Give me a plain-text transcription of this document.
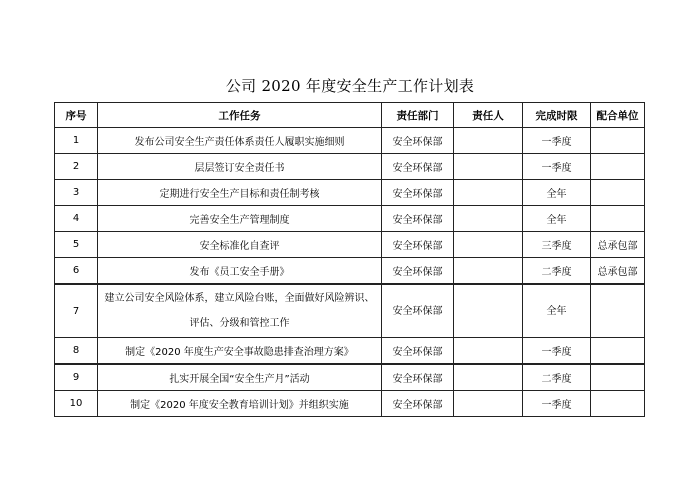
公司 2020 年度安全生产工作计划表
序号	工作任务	责任部门	责任人	完成时限	配合单位
1	发布公司安全生产责任体系责任人履职实施细则	安全环保部		一季度	
2	层层签订安全责任书	安全环保部		一季度	
3	定期进行安全生产目标和责任制考核	安全环保部		全年	
4	完善安全生产管理制度	安全环保部		全年	
5	安全标准化自查评	安全环保部		三季度	总承包部
6	发布《员工安全手册》	安全环保部		二季度	总承包部
7	建立公司安全风险体系，建立风险台账，全面做好风险辨识、评估、分级和管控工作	安全环保部		全年	
8	制定《2020 年度生产安全事故隐患排查治理方案》	安全环保部		一季度	
9	扎实开展全国“安全生产月”活动	安全环保部		二季度	
10	制定《2020 年度安全教育培训计划》并组织实施	安全环保部		一季度	
